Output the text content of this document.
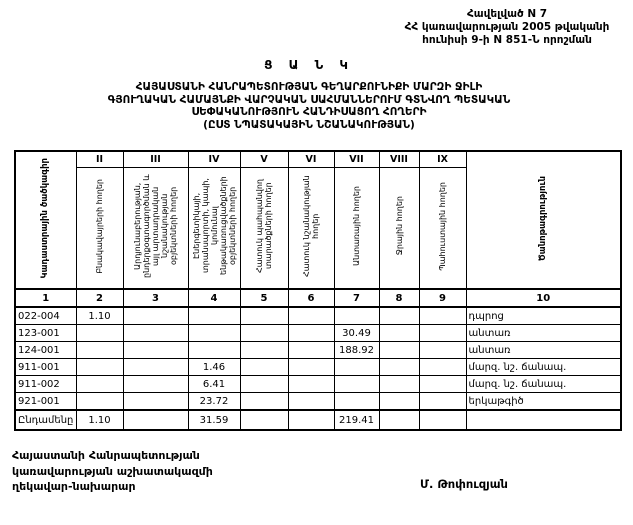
Հավելված N 7
ՀՀ կառավարության 2005 թվականի
հունիսի 9-ի N 851-Ն որոշման
Ց Ա Ն Կ
ՀԱՅԱՍՏԱՆԻ ՀԱՆՐԱՊԵՏՈՒԹՅԱՆ ԳԵՂԱՐՔՈՒՆԻՔԻ ՄԱՐԶԻ ՋԻԼԻ
ԳՅՈՒՂԱԿԱՆ ՀԱՄԱՅՆՔԻ ՎԱՐՉԱԿԱՆ ՍԱՀՄԱՆՆԵՐՈՒՄ ԳՏՆՎՈՂ ՊԵՏԱԿԱՆ
ՍԵՓԱԿԱՆՈՒԹՅՈՒՆ ՀԱՆԴԻՍԱՑՈՂ ՀՈՂԵՐԻ
(ԸՍՏ ՆՊԱՏԱԿԱՅԻՆ ՆՇԱՆԱԿՈՒԹՅԱՆ)
Կադաստրային ծածկագիր	II	III	IV	V	VI	VII	VIII	IX	Ծանոթագրություն
	Բնակավայրերի հողեր	Արդյունաբերության, ընդերքօգտագործման և այլ արտադրական նշանակության օբյեկտների հողեր	Էներգետիկայի, տրանսպորտի, կապի, կոմունալ ենթակառուցվածքների օբյեկտների հողեր	Հատուկ պահպանվող տարածքների հողեր	Հատուկ նշանակության հողեր	Անտառային հողեր	Ջրային հողեր	Պահուստային հողեր	
1	2	3	4	5	6	7	8	9	10
022-004	1.10								դպրոց
123-001						30.49			անտառ
124-001						188.92			անտառ
911-001			1.46						մարզ. նշ. ճանապ.
911-002			6.41						մարզ. նշ. ճանապ.
921-001			23.72						երկաթգիծ
Ընդամենը	1.10		31.59			219.41			
Հայաստանի Հանրապետության
կառավարության աշխատակազմի
ղեկավար-նախարար	Մ. Թոփուզյան
